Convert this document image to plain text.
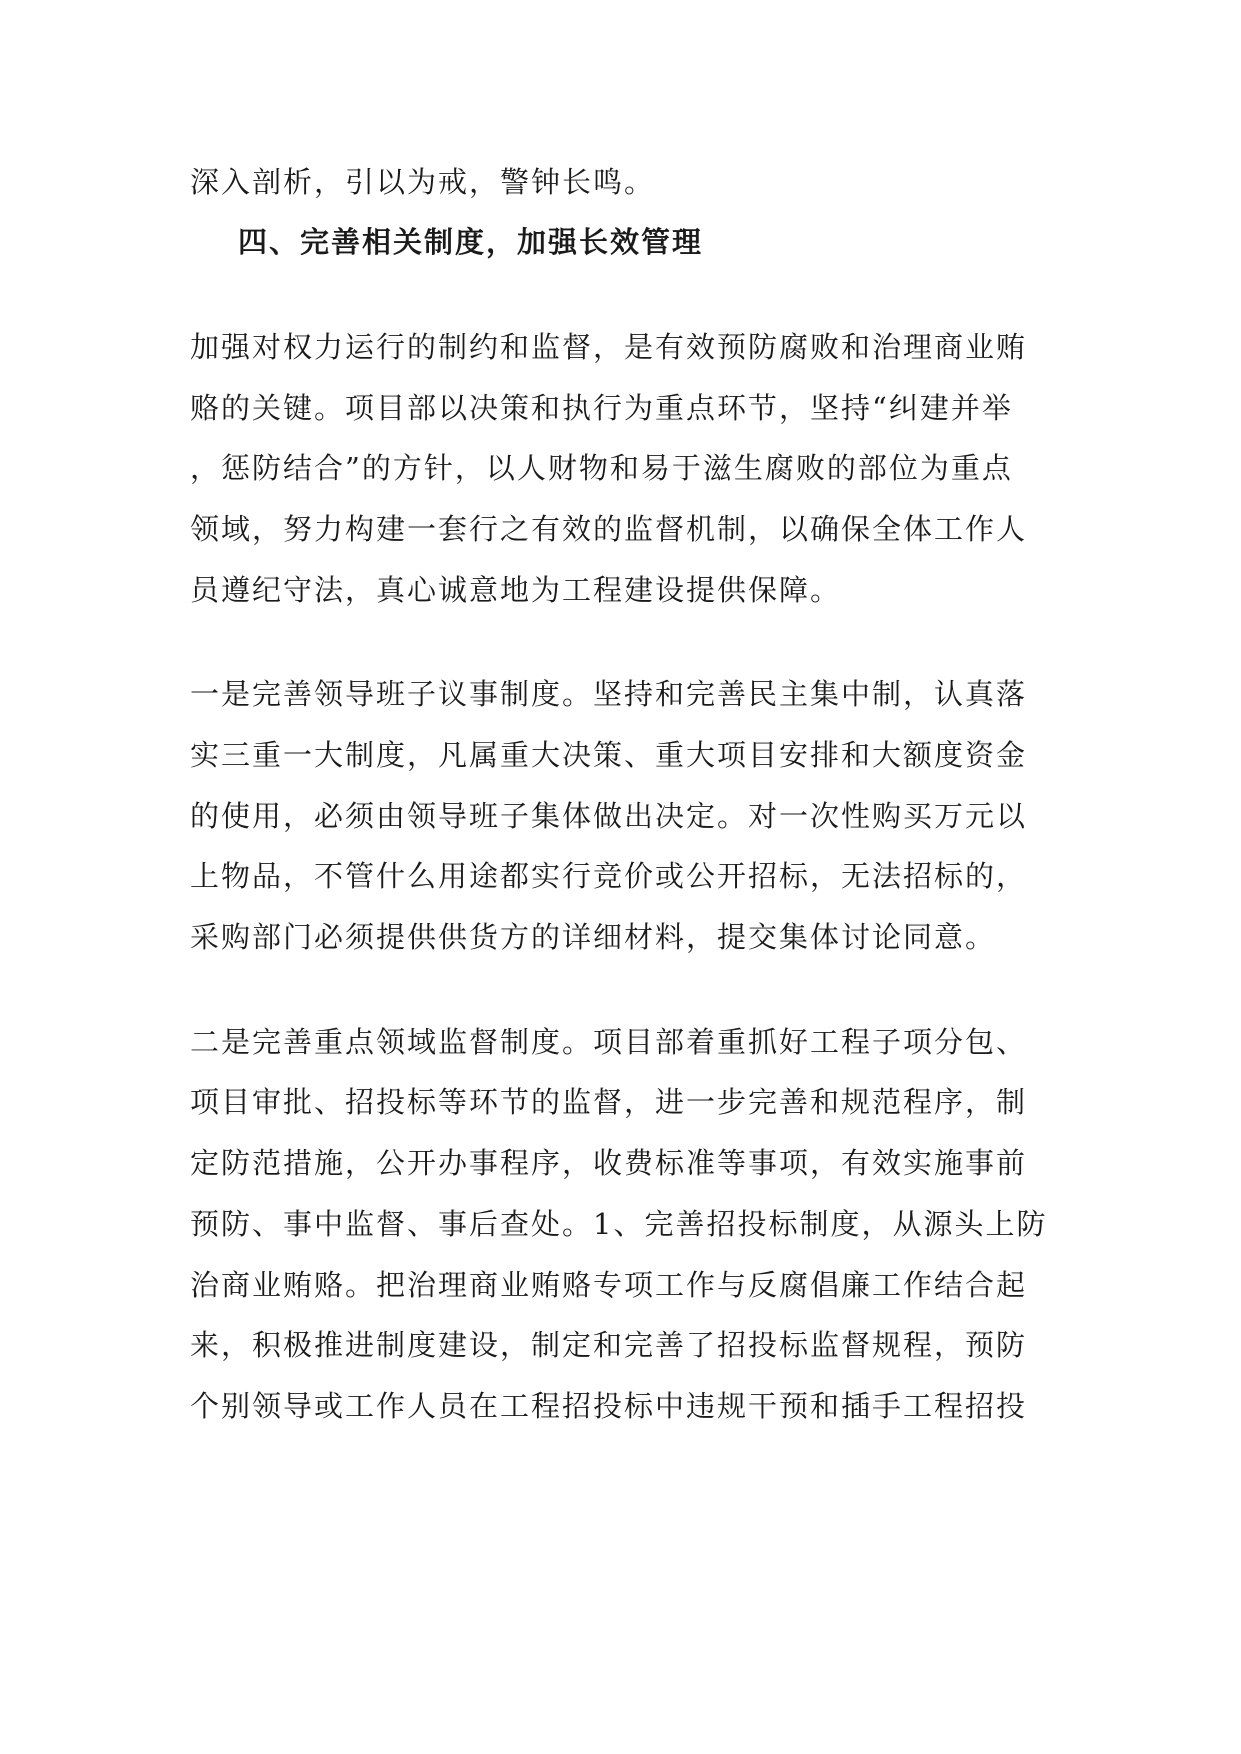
深入剖析，引以为戒，警钟长鸣。
四、完善相关制度，加强长效管理
加强对权力运行的制约和监督，是有效预防腐败和治理商业贿
赂的关键。项目部以决策和执行为重点环节，坚持“纠建并举
，惩防结合”的方针，以人财物和易于滋生腐败的部位为重点
领域，努力构建一套行之有效的监督机制，以确保全体工作人
员遵纪守法，真心诚意地为工程建设提供保障。
一是完善领导班子议事制度。坚持和完善民主集中制，认真落
实三重一大制度，凡属重大决策、重大项目安排和大额度资金
的使用，必须由领导班子集体做出决定。对一次性购买万元以
上物品，不管什么用途都实行竞价或公开招标，无法招标的，
采购部门必须提供供货方的详细材料，提交集体讨论同意。
二是完善重点领域监督制度。项目部着重抓好工程子项分包、
项目审批、招投标等环节的监督，进一步完善和规范程序，制
定防范措施，公开办事程序，收费标准等事项，有效实施事前
预防、事中监督、事后查处。1、完善招投标制度，从源头上防
治商业贿赂。把治理商业贿赂专项工作与反腐倡廉工作结合起
来，积极推进制度建设，制定和完善了招投标监督规程，预防
个别领导或工作人员在工程招投标中违规干预和插手工程招投
